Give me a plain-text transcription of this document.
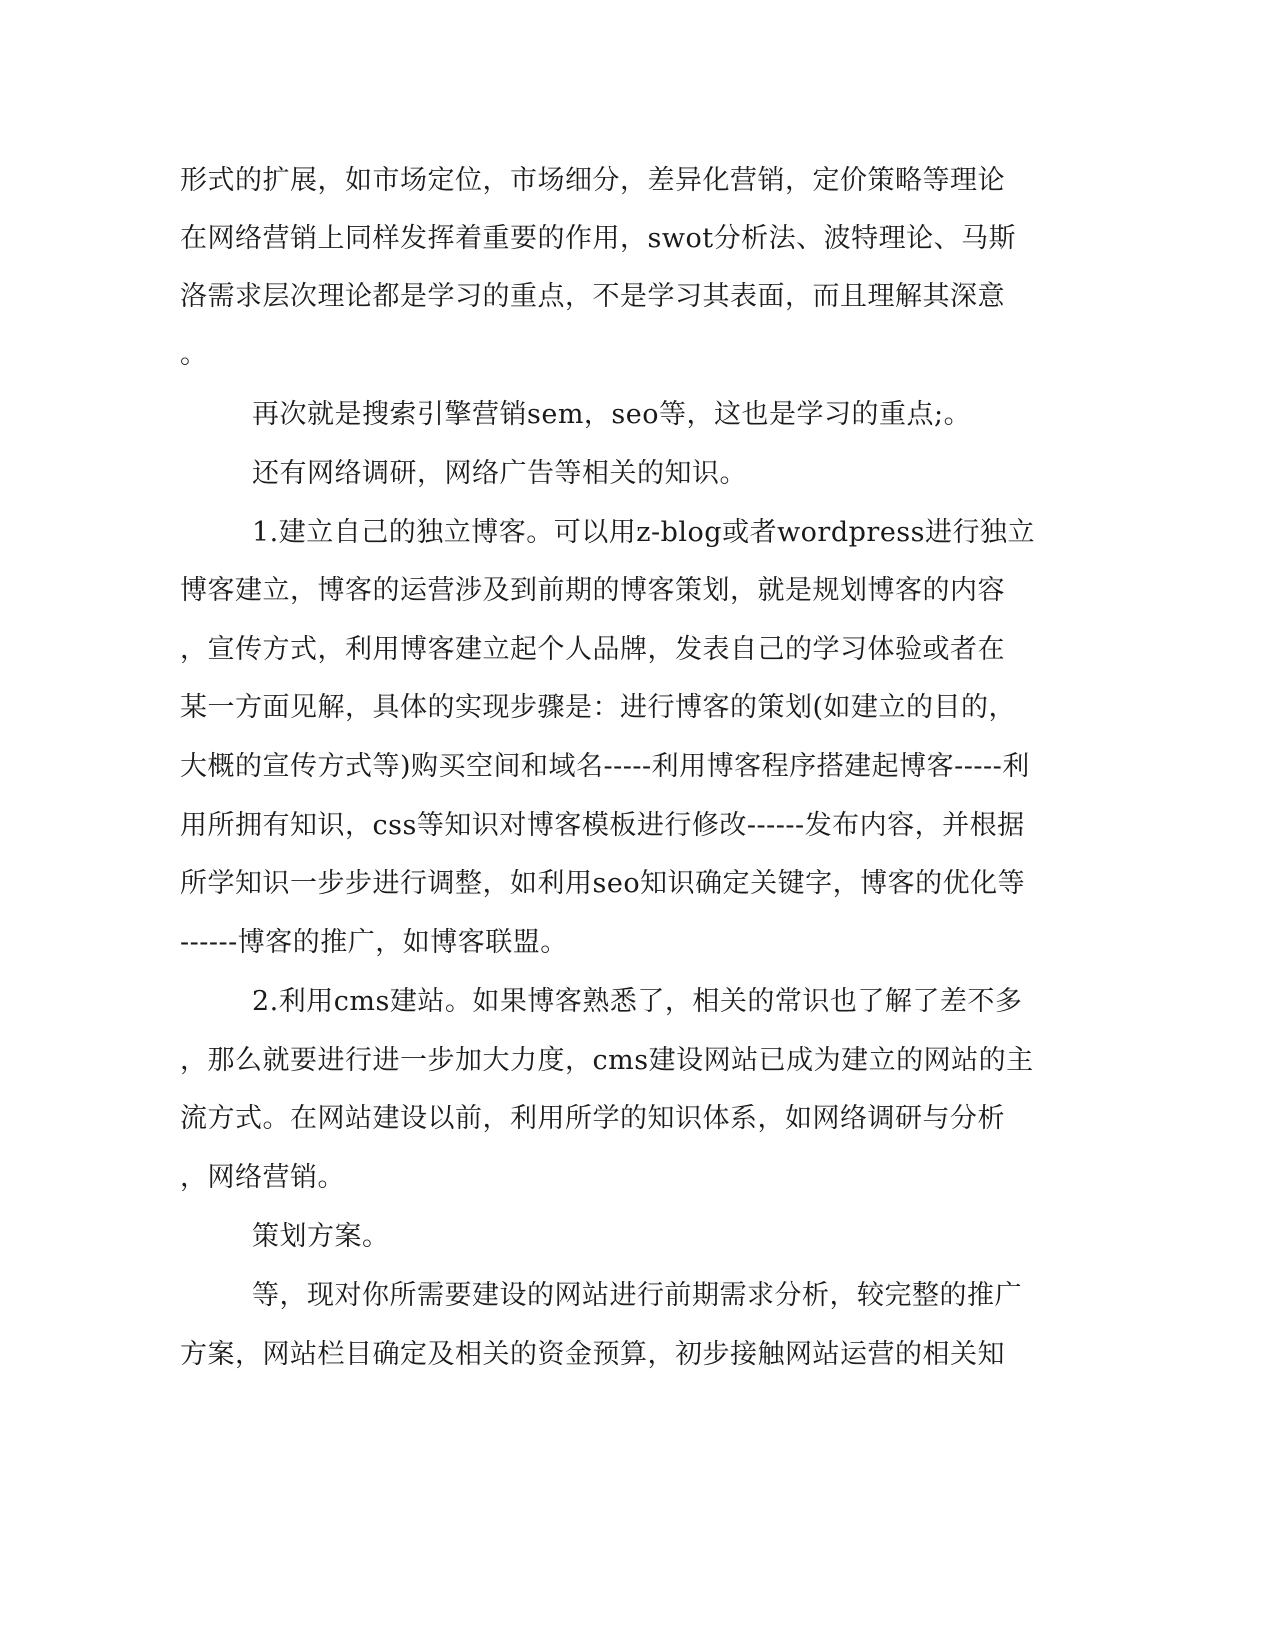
形式的扩展，如市场定位，市场细分，差异化营销，定价策略等理论
在网络营销上同样发挥着重要的作用，swot分析法、波特理论、马斯
洛需求层次理论都是学习的重点，不是学习其表面，而且理解其深意
。
再次就是搜索引擎营销sem，seo等，这也是学习的重点;。
还有网络调研，网络广告等相关的知识。
1.建立自己的独立博客。可以用z-blog或者wordpress进行独立
博客建立，博客的运营涉及到前期的博客策划，就是规划博客的内容
，宣传方式，利用博客建立起个人品牌，发表自己的学习体验或者在
某一方面见解，具体的实现步骤是：进行博客的策划(如建立的目的，
大概的宣传方式等)购买空间和域名-----利用博客程序搭建起博客-----利
用所拥有知识，css等知识对博客模板进行修改------发布内容，并根据
所学知识一步步进行调整，如利用seo知识确定关键字，博客的优化等
------博客的推广，如博客联盟。
2.利用cms建站。如果博客熟悉了，相关的常识也了解了差不多
，那么就要进行进一步加大力度，cms建设网站已成为建立的网站的主
流方式。在网站建设以前，利用所学的知识体系，如网络调研与分析
，网络营销。
策划方案。
等，现对你所需要建设的网站进行前期需求分析，较完整的推广
方案，网站栏目确定及相关的资金预算，初步接触网站运营的相关知
